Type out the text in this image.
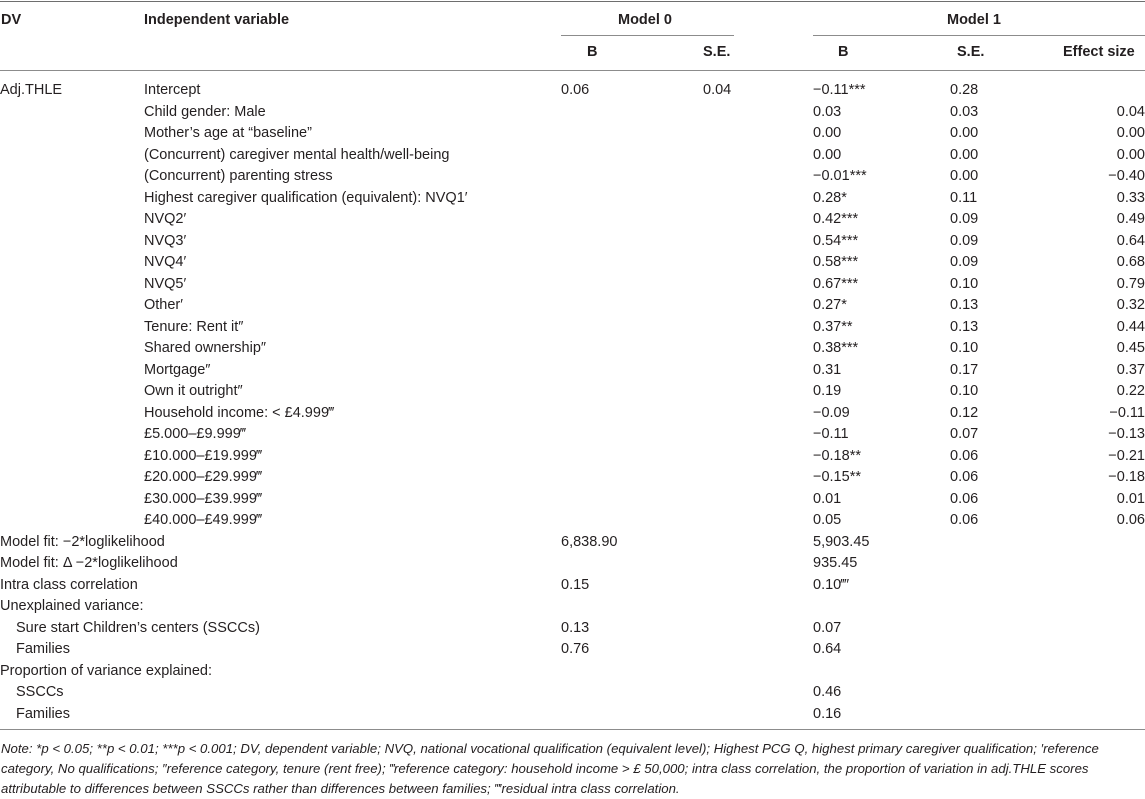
DV	Independent variable	Model 0	Model 1
B	S.E.	B	S.E.	Effect size
Adj.THLE	Intercept	0.06	0.04	−0.11***	0.28	
	Child gender: Male			0.03	0.03	0.04
	Mother’s age at “baseline”			0.00	0.00	0.00
	(Concurrent) caregiver mental health/well-being			0.00	0.00	0.00
	(Concurrent) parenting stress			−0.01***	0.00	−0.40
	Highest caregiver qualification (equivalent): NVQ1′			0.28*	0.11	0.33
	NVQ2′			0.42***	0.09	0.49
	NVQ3′			0.54***	0.09	0.64
	NVQ4′			0.58***	0.09	0.68
	NVQ5′			0.67***	0.10	0.79
	Other′			0.27*	0.13	0.32
	Tenure: Rent it″			0.37**	0.13	0.44
	Shared ownership″			0.38***	0.10	0.45
	Mortgage″			0.31	0.17	0.37
	Own it outright″			0.19	0.10	0.22
	Household income: < £4.999‴			−0.09	0.12	−0.11
	£5.000–£9.999‴			−0.11	0.07	−0.13
	£10.000–£19.999‴			−0.18**	0.06	−0.21
	£20.000–£29.999‴			−0.15**	0.06	−0.18
	£30.000–£39.999‴			0.01	0.06	0.01
	£40.000–£49.999‴			0.05	0.06	0.06
Model fit: −2*loglikelihood		6,838.90		5,903.45		
Model fit: Δ −2*loglikelihood				935.45		
Intra class correlation		0.15		0.10‴′		
Unexplained variance:						
Sure start Children’s centers (SSCCs)		0.13		0.07		
Families		0.76		0.64		
Proportion of variance explained:						
SSCCs				0.46		
Families				0.16		
Note: *p < 0.05; **p < 0.01; ***p < 0.001; DV, dependent variable; NVQ, national vocational qualification (equivalent level); Highest PCG Q, highest primary caregiver qualification; ′reference category, No qualifications; ″reference category, tenure (rent free); ‴reference category: household income > £ 50,000; intra class correlation, the proportion of variation in adj.THLE scores attributable to differences between SSCCs rather than differences between families; ‴′residual intra class correlation.
